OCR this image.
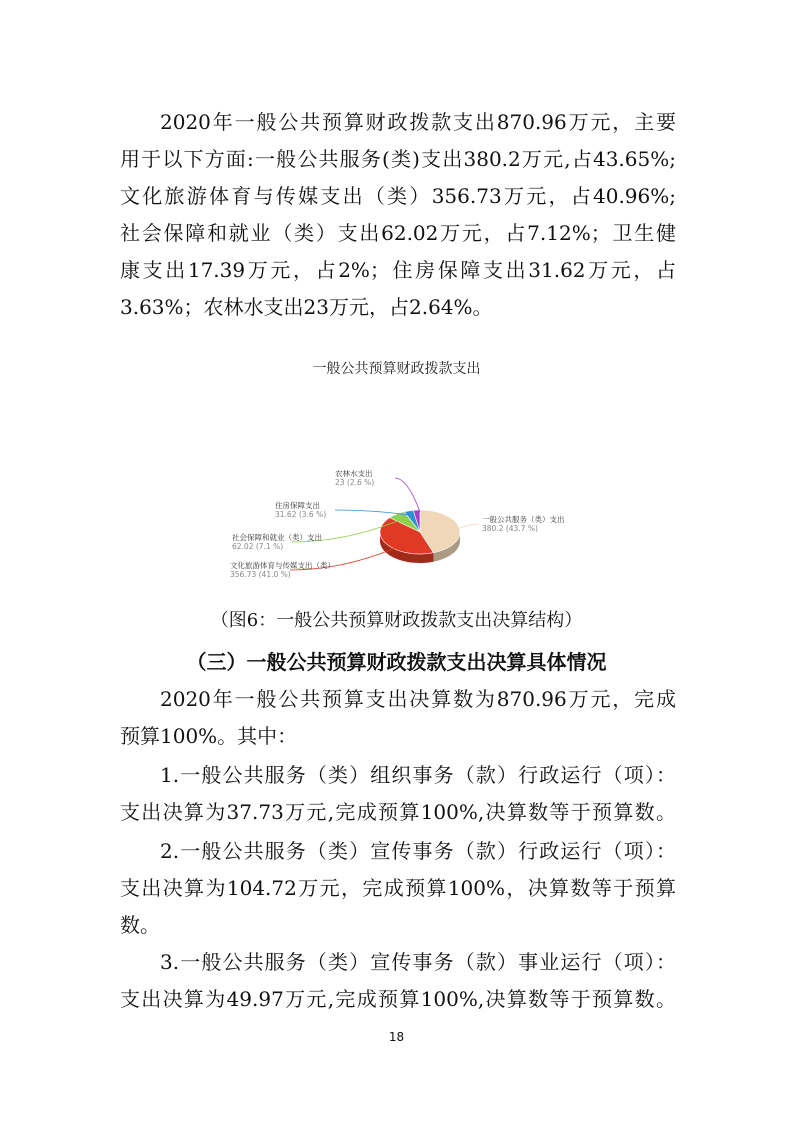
2020年一般公共预算财政拨款支出870.96万元，主要
用于以下方面:一般公共服务(类)支出380.2万元,占43.65%;
文化旅游体育与传媒支出（类）356.73万元，占40.96%;
社会保障和就业（类）支出62.02万元，占7.12%；卫生健
康支出17.39万元，占2%；住房保障支出31.62万元，占
3.63%；农林水支出23万元，占2.64%。
一般公共预算财政拨款支出
一般公共服务（类）支出
380.2 (43.7 %)
文化旅游体育与传媒支出（类）
356.73 (41.0 %)
社会保障和就业（类）支出
62.02 (7.1 %)
住房保障支出
31.62 (3.6 %)
农林水支出
23 (2.6 %)
（图6：一般公共预算财政拨款支出决算结构）
（三）一般公共预算财政拨款支出决算具体情况
2020年一般公共预算支出决算数为870.96万元，完成
预算100%。其中：
1.一般公共服务（类）组织事务（款）行政运行（项）：
支出决算为37.73万元,完成预算100%,决算数等于预算数。
2.一般公共服务（类）宣传事务（款）行政运行（项）：
支出决算为104.72万元，完成预算100%，决算数等于预算
数。
3.一般公共服务（类）宣传事务（款）事业运行（项）：
支出决算为49.97万元,完成预算100%,决算数等于预算数。
18
